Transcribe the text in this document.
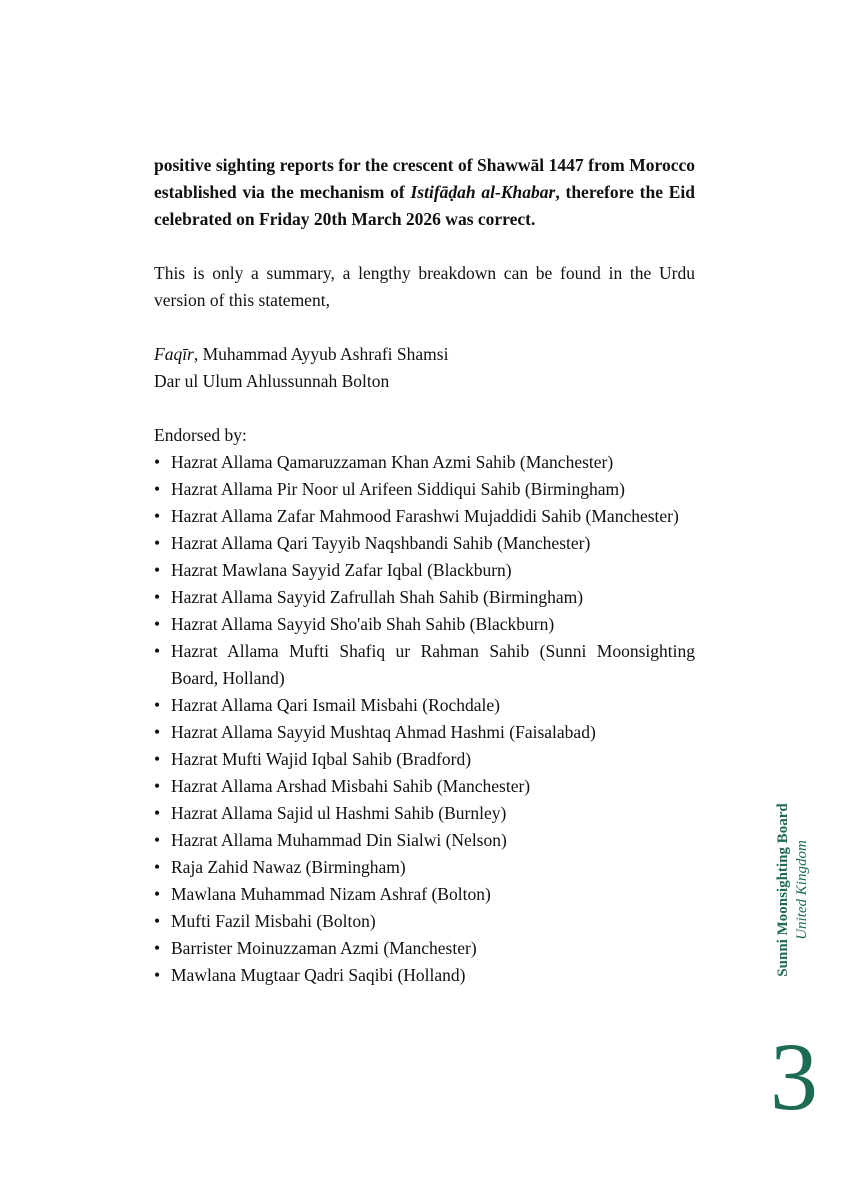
positive sighting reports for the crescent of Shawwāl 1447 from Morocco established via the mechanism of Istifāḍah al-Khabar, therefore the Eid celebrated on Friday 20th March 2026 was correct.

This is only a summary, a lengthy breakdown can be found in the Urdu version of this statement,

Faqīr, Muhammad Ayyub Ashrafi Shamsi

Dar ul Ulum Ahlussunnah Bolton

Endorsed by:

• Hazrat Allama Qamaruzzaman Khan Azmi Sahib (Manchester)
• Hazrat Allama Pir Noor ul Arifeen Siddiqui Sahib (Birmingham)
• Hazrat Allama Zafar Mahmood Farashwi Mujaddidi Sahib (Manchester)
• Hazrat Allama Qari Tayyib Naqshbandi Sahib (Manchester)
• Hazrat Mawlana Sayyid Zafar Iqbal (Blackburn)
• Hazrat Allama Sayyid Zafrullah Shah Sahib (Birmingham)
• Hazrat Allama Sayyid Sho'aib Shah Sahib (Blackburn)
• Hazrat Allama Mufti Shafiq ur Rahman Sahib (Sunni Moonsighting Board, Holland)
• Hazrat Allama Qari Ismail Misbahi (Rochdale)
• Hazrat Allama Sayyid Mushtaq Ahmad Hashmi (Faisalabad)
• Hazrat Mufti Wajid Iqbal Sahib (Bradford)
• Hazrat Allama Arshad Misbahi Sahib (Manchester)
• Hazrat Allama Sajid ul Hashmi Sahib (Burnley)
• Hazrat Allama Muhammad Din Sialwi (Nelson)
• Raja Zahid Nawaz (Birmingham)
• Mawlana Muhammad Nizam Ashraf (Bolton)
• Mufti Fazil Misbahi (Bolton)
• Barrister Moinuzzaman Azmi (Manchester)
• Mawlana Mugtaar Qadri Saqibi (Holland)	Sunni Moonsighting Board United Kingdom
3
